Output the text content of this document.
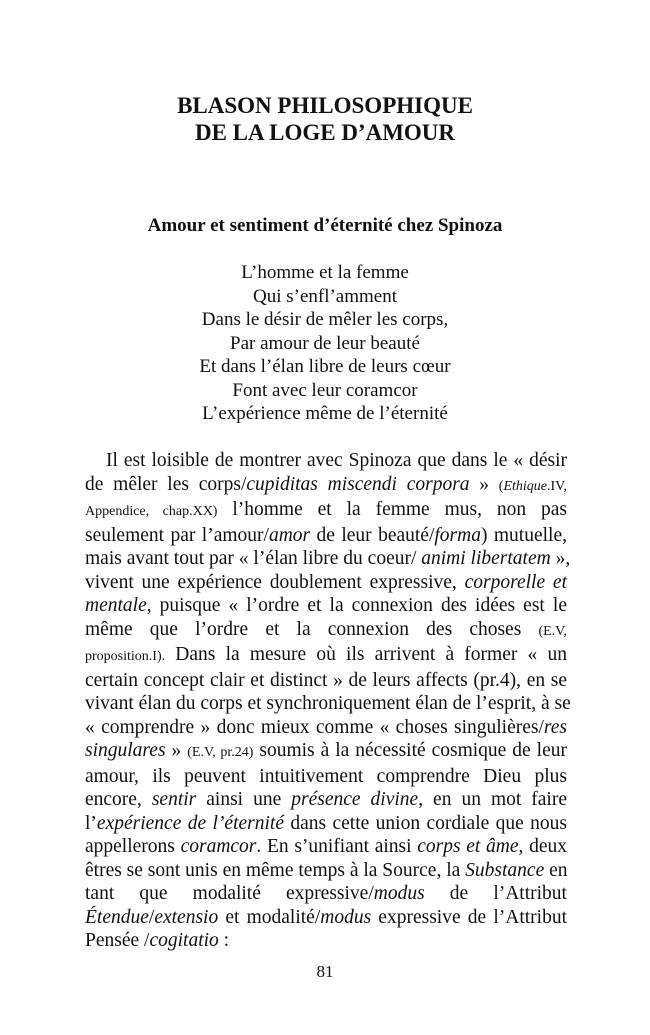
BLASON PHILOSOPHIQUE
DE LA LOGE D’AMOUR
Amour et sentiment d’éternité chez Spinoza
L’homme et la femme
Qui s’enfl’amment
Dans le désir de mêler les corps,
Par amour de leur beauté
Et dans l’élan libre de leurs cœur
Font avec leur coramcor
L’expérience même de l’éternité
Il est loisible de montrer avec Spinoza que dans le « désir
de mêler les corps/cupiditas miscendi corpora » (Ethique.IV,
Appendice, chap.XX) l’homme et la femme mus, non pas
seulement par l’amour/amor de leur beauté/forma) mutuelle,
mais avant tout par « l’élan libre du coeur/ animi libertatem »,
vivent une expérience doublement expressive, corporelle et
mentale, puisque « l’ordre et la connexion des idées est le
même que l’ordre et la connexion des choses (E.V,
proposition.I). Dans la mesure où ils arrivent à former « un
certain concept clair et distinct » de leurs affects (pr.4), en se
vivant élan du corps et synchroniquement élan de l’esprit, à se
« comprendre » donc mieux comme « choses singulières/res
singulares » (E.V, pr.24) soumis à la nécessité cosmique de leur
amour, ils peuvent intuitivement comprendre Dieu plus
encore, sentir ainsi une présence divine, en un mot faire
l’expérience de l’éternité dans cette union cordiale que nous
appellerons coramcor. En s’unifiant ainsi corps et âme, deux
êtres se sont unis en même temps à la Source, la Substance en
tant que modalité expressive/modus de l’Attribut
Étendue/extensio et modalité/modus expressive de l’Attribut
Pensée /cogitatio :
81
